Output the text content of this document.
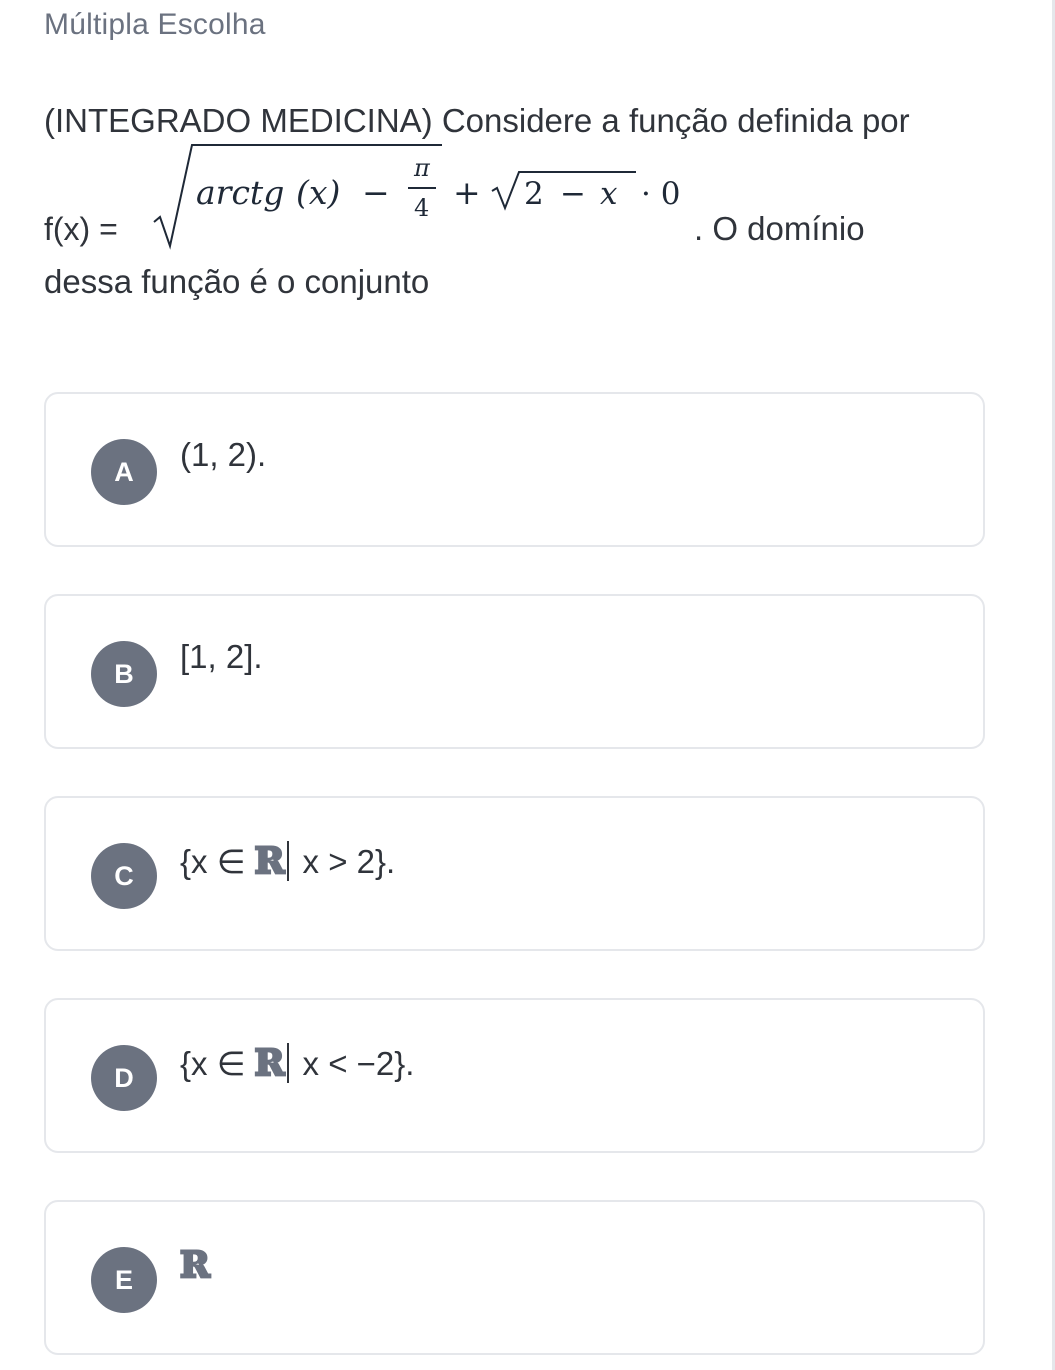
Múltipla Escolha
(INTEGRADO MEDICINA) Considere a função definida por
f(x) =
arctg (x) −
π
4 + 2 − x · 0
. O domínio
dessa função é o conjunto
A	(1, 2).
B	[1, 2].
C	{x ∈ ℝ x > 2}.
D	{x ∈ ℝ x < −2}.
E	ℝ
